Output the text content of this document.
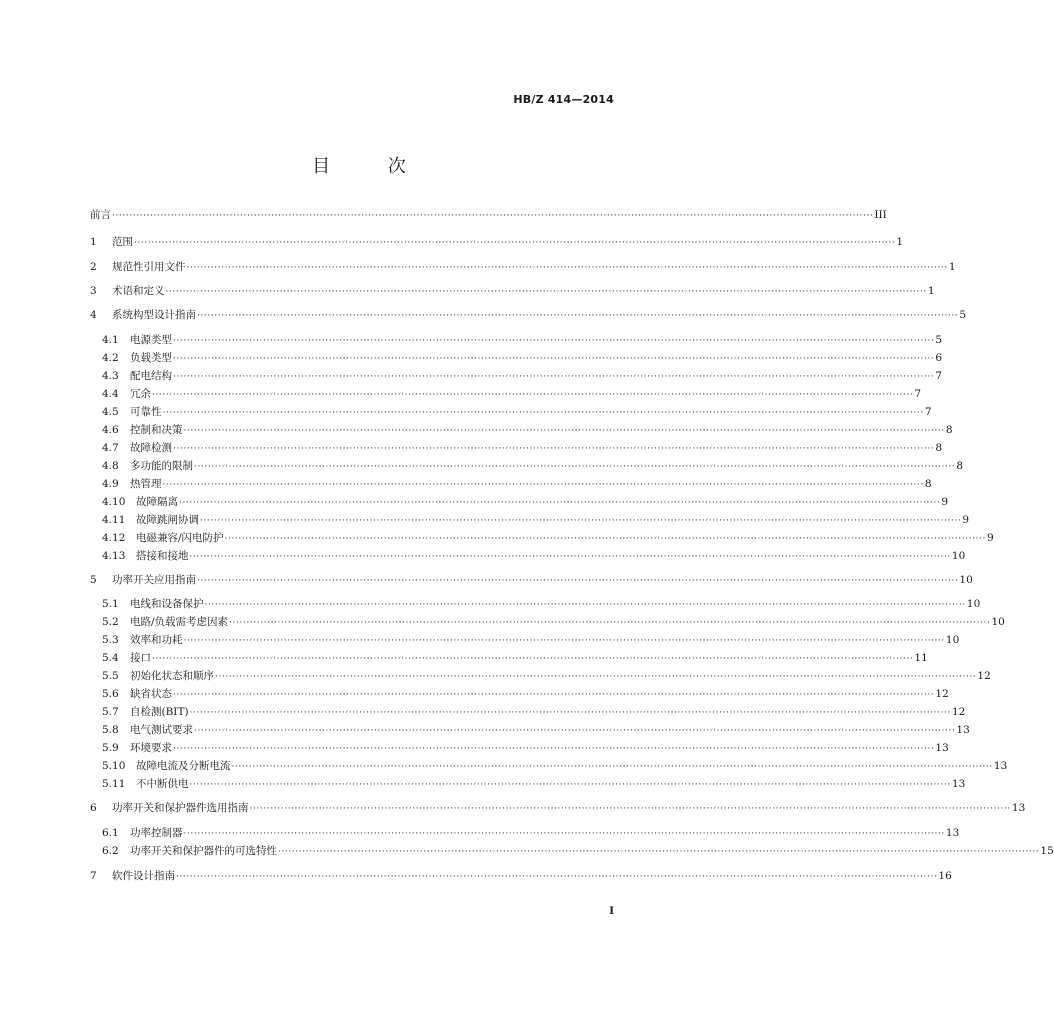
HB/Z 414—2014
目 次
前言 ···························································································································································································································· III
1	范围 ···························································································································································································································· 1
2	规范性引用文件 ···························································································································································································································· 1
3	术语和定义 ···························································································································································································································· 1
4	系统构型设计指南 ···························································································································································································································· 5
4.1	电源类型 ···························································································································································································································· 5
4.2	负载类型 ···························································································································································································································· 6
4.3	配电结构 ···························································································································································································································· 7
4.4	冗余 ···························································································································································································································· 7
4.5	可靠性 ···························································································································································································································· 7
4.6	控制和决策 ···························································································································································································································· 8
4.7	故障检测 ···························································································································································································································· 8
4.8	多功能的限制 ···························································································································································································································· 8
4.9	热管理 ···························································································································································································································· 8
4.10	故障隔离 ···························································································································································································································· 9
4.11	故障跳闸协调 ···························································································································································································································· 9
4.12	电磁兼容/闪电防护 ···························································································································································································································· 9
4.13	搭接和接地 ···························································································································································································································· 10
5	功率开关应用指南 ···························································································································································································································· 10
5.1	电线和设备保护 ···························································································································································································································· 10
5.2	电路/负载需考虑因素 ···························································································································································································································· 10
5.3	效率和功耗 ···························································································································································································································· 10
5.4	接口 ···························································································································································································································· 11
5.5	初始化状态和顺序 ···························································································································································································································· 12
5.6	缺省状态 ···························································································································································································································· 12
5.7	自检测(BIT) ···························································································································································································································· 12
5.8	电气测试要求 ···························································································································································································································· 13
5.9	环境要求 ···························································································································································································································· 13
5.10	故障电流及分断电流 ···························································································································································································································· 13
5.11	不中断供电 ···························································································································································································································· 13
6	功率开关和保护器件选用指南 ···························································································································································································································· 13
6.1	功率控制器 ···························································································································································································································· 13
6.2	功率开关和保护器件的可选特性 ···························································································································································································································· 15
7	软件设计指南 ···························································································································································································································· 16
I
